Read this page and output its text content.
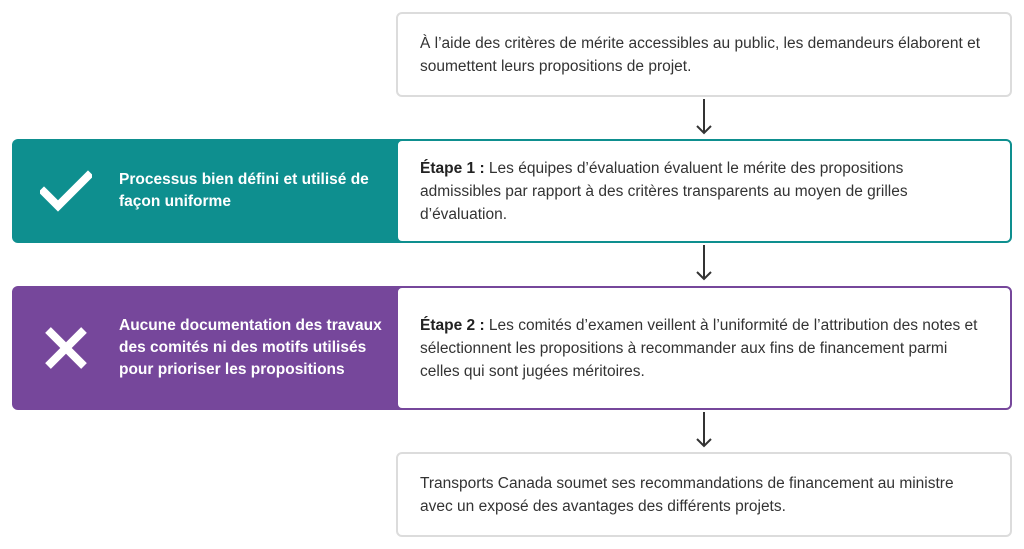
À l’aide des critères de mérite accessibles au public, les demandeurs élaborent et soumettent leurs propositions de projet.
Processus bien défini et utilisé de façon uniforme
Étape 1 : Les équipes d’évaluation évaluent le mérite des propositions admissibles par rapport à des critères transparents au moyen de grilles d’évaluation.
Aucune documentation des travaux des comités ni des motifs utilisés pour prioriser les propositions
Étape 2 : Les comités d’examen veillent à l’uniformité de l’attribution des notes et sélectionnent les propositions à recommander aux fins de financement parmi celles qui sont jugées méritoires.
Transports Canada soumet ses recommandations de financement au ministre avec un exposé des avantages des différents projets.
